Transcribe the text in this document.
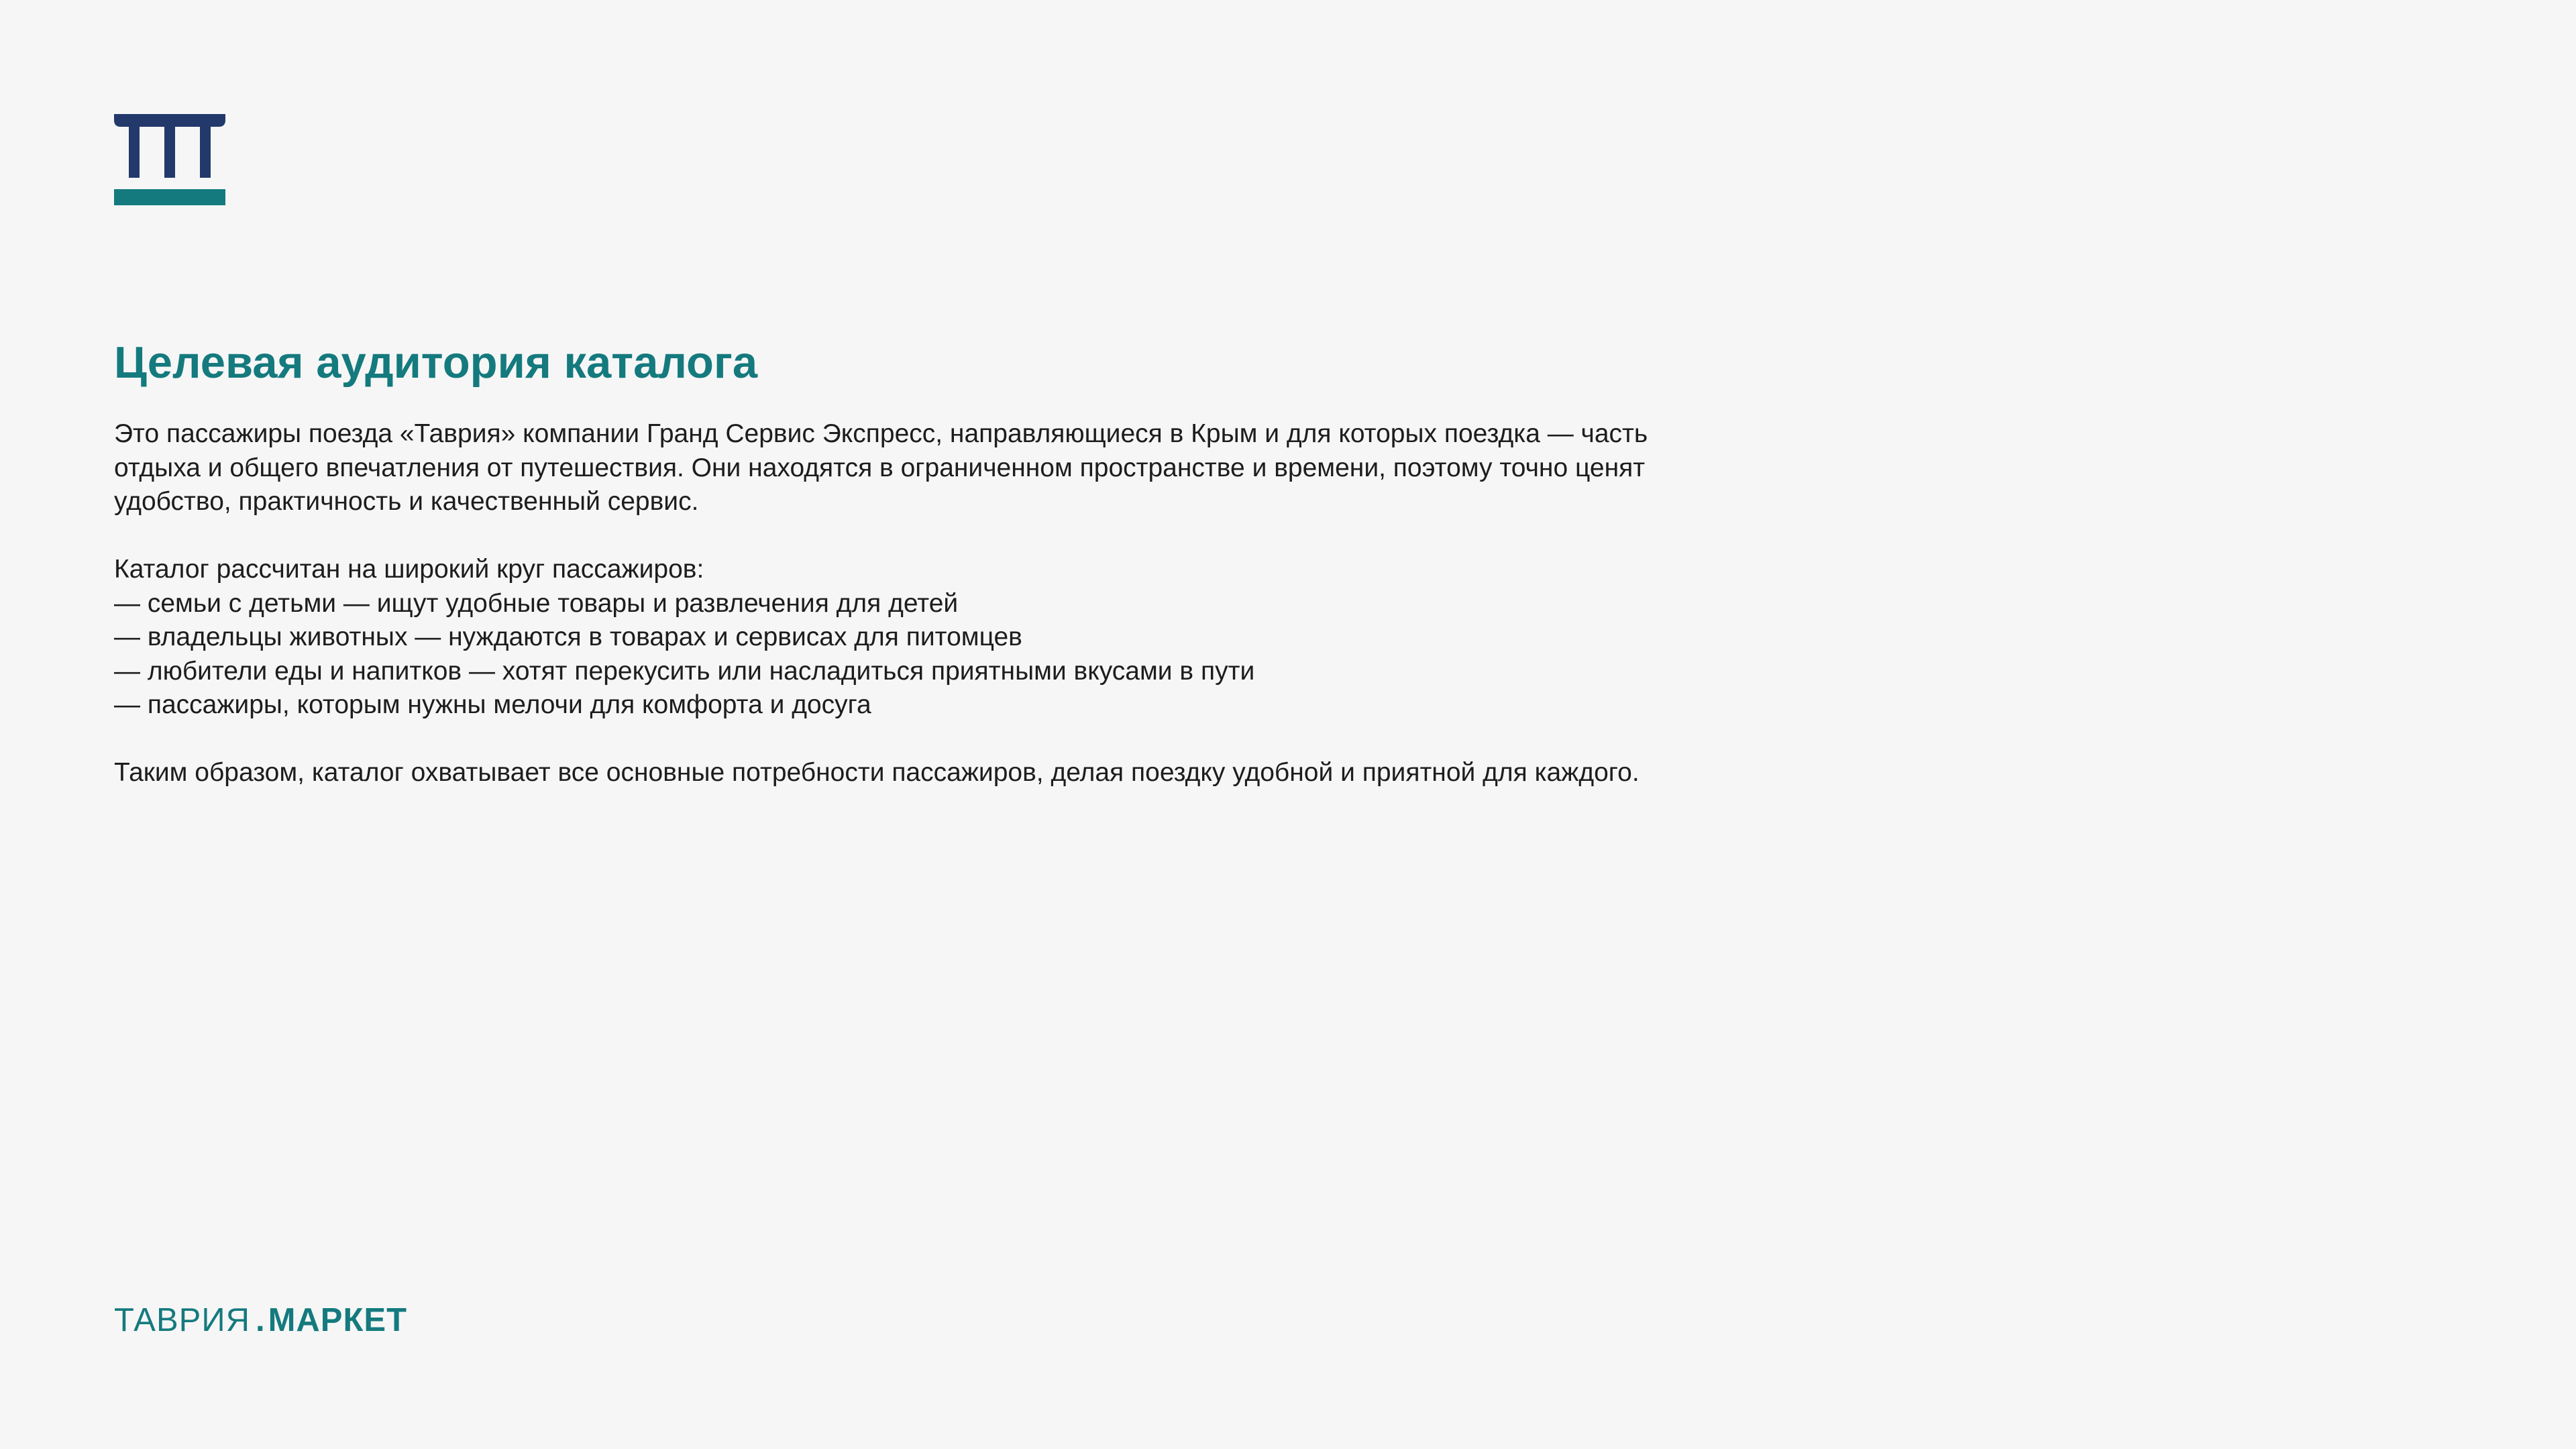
Целевая аудитория каталога

Это пассажиры поезда «Таврия» компании Гранд Сервис Экспресс, направляющиеся в Крым и для которых поездка — часть

отдыха и общего впечатления от путешествия. Они находятся в ограниченном пространстве и времени, поэтому точно ценят

удобство, практичность и качественный сервис.

Каталог рассчитан на широкий круг пассажиров:

— семьи с детьми — ищут удобные товары и развлечения для детей

— владельцы животных — нуждаются в товарах и сервисах для питомцев

— любители еды и напитков — хотят перекусить или насладиться приятными вкусами в пути

— пассажиры, которым нужны мелочи для комфорта и досуга

Таким образом, каталог охватывает все основные потребности пассажиров, делая поездку удобной и приятной для каждого.

ТАВРИЯ .МАРКЕТ
